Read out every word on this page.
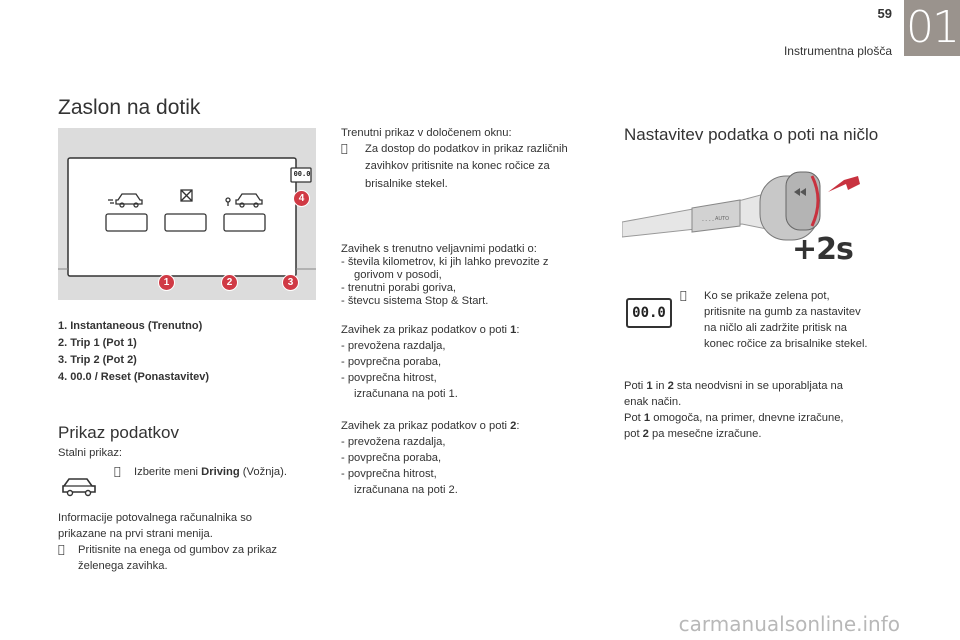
59
Instrumentna plošča 01
Zaslon na dotik
00.0
4
1	2	3
1. Instantaneous (Trenutno)
2. Trip 1 (Pot 1)
3. Trip 2 (Pot 2)
4. 00.0 / Reset (Ponastavitev)
Prikaz podatkov
Stalni prikaz:
Izberite meni Driving (Vožnja).

Informacije potovalnega računalnika so

prikazane na prvi strani menija.

Pritisnite na enega od gumbov za prikaz

želenega zavihka.

Trenutni prikaz v določenem oknu:

Za dostop do podatkov in prikaz različnih

zavihkov pritisnite na konec ročice za

brisalnike stekel.

Zavihek s trenutno veljavnimi podatki o:

- števila kilometrov, ki jih lahko prevozite z

gorivom v posodi,

- trenutni porabi goriva,

- števcu sistema Stop & Start.

Zavihek za prikaz podatkov o poti 1:

- prevožena razdalja,

- povprečna poraba,

- povprečna hitrost,

izračunana na poti 1.

Zavihek za prikaz podatkov o poti 2:

- prevožena razdalja,

- povprečna poraba,

- povprečna hitrost,

izračunana na poti 2.

Nastavitev podatka o poti na ničlo
- - - - AUTO
+2s
00.0

Ko se prikaže zelena pot,

pritisnite na gumb za nastavitev

na ničlo ali zadržite pritisk na

konec ročice za brisalnike stekel.

Poti 1 in 2 sta neodvisni in se uporabljata na

enak način.

Pot 1 omogoča, na primer, dnevne izračune,

pot 2 pa mesečne izračune.

carmanualsonline.info
